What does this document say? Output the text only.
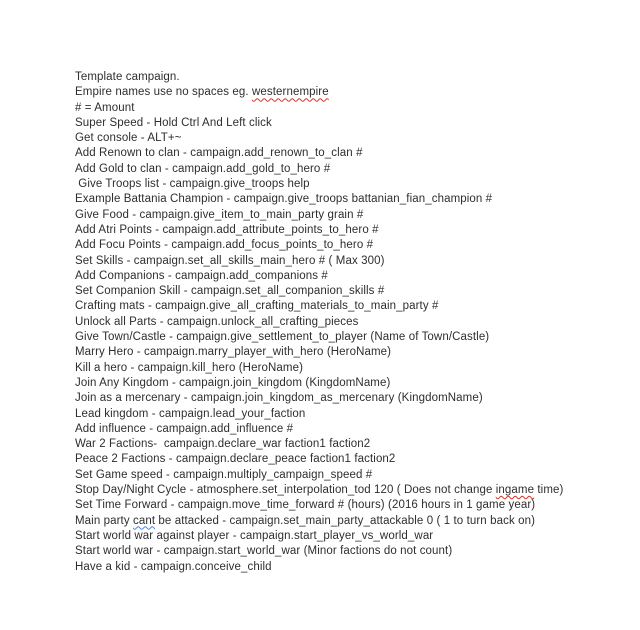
Template campaign.
Empire names use no spaces eg. westernempire
# = Amount
Super Speed - Hold Ctrl And Left click
Get console - ALT+~
Add Renown to clan - campaign.add_renown_to_clan #
Add Gold to clan - campaign.add_gold_to_hero #
Give Troops list - campaign.give_troops help
Example Battania Champion - campaign.give_troops battanian_fian_champion #
Give Food - campaign.give_item_to_main_party grain #
Add Atri Points - campaign.add_attribute_points_to_hero #
Add Focu Points - campaign.add_focus_points_to_hero #
Set Skills - campaign.set_all_skills_main_hero # ( Max 300)
Add Companions - campaign.add_companions #
Set Companion Skill - campaign.set_all_companion_skills #
Crafting mats - campaign.give_all_crafting_materials_to_main_party #
Unlock all Parts - campaign.unlock_all_crafting_pieces
Give Town/Castle - campaign.give_settlement_to_player (Name of Town/Castle)
Marry Hero - campaign.marry_player_with_hero (HeroName)
Kill a hero - campaign.kill_hero (HeroName)
Join Any Kingdom - campaign.join_kingdom (KingdomName)
Join as a mercenary - campaign.join_kingdom_as_mercenary (KingdomName)
Lead kingdom - campaign.lead_your_faction
Add influence - campaign.add_influence #
War 2 Factions-  campaign.declare_war faction1 faction2
Peace 2 Factions - campaign.declare_peace faction1 faction2
Set Game speed - campaign.multiply_campaign_speed #
Stop Day/Night Cycle - atmosphere.set_interpolation_tod 120 ( Does not change ingame time)
Set Time Forward - campaign.move_time_forward # (hours) (2016 hours in 1 game year)
Main party cant be attacked - campaign.set_main_party_attackable 0 ( 1 to turn back on)
Start world war against player - campaign.start_player_vs_world_war
Start world war - campaign.start_world_war (Minor factions do not count)
Have a kid - campaign.conceive_child
